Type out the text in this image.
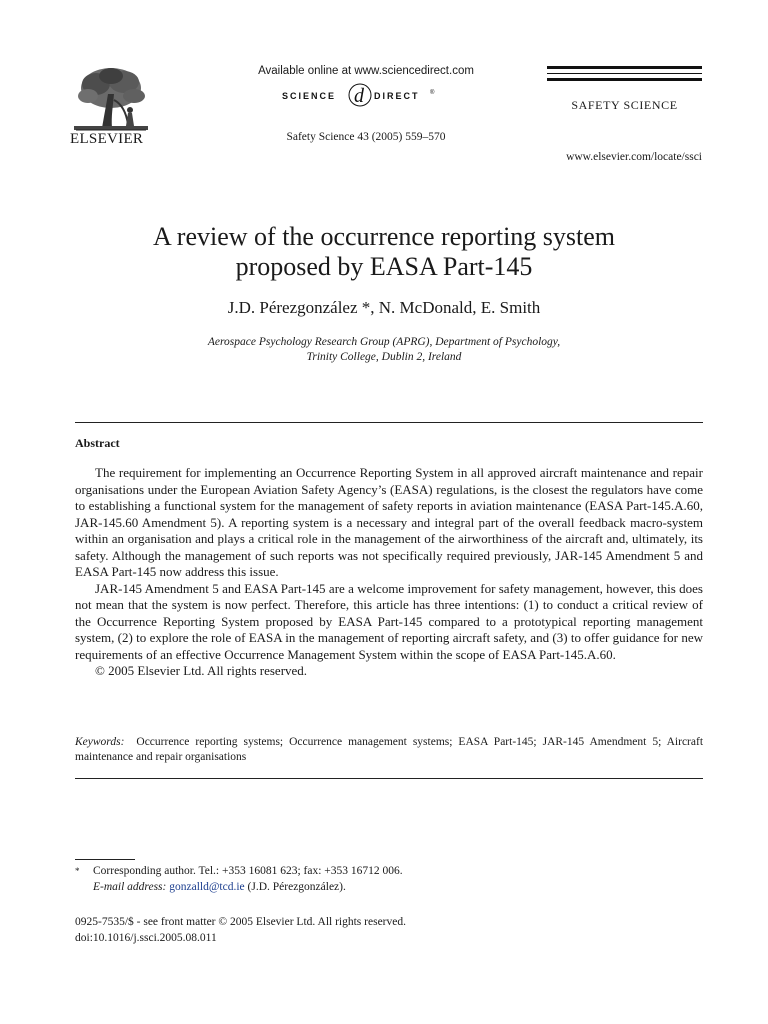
ELSEVIER
Available online at www.sciencedirect.com
SCIENCE d DIRECT ®
Safety Science 43 (2005) 559–570
SAFETY SCIENCE
www.elsevier.com/locate/ssci
A review of the occurrence reporting system
proposed by EASA Part-145
J.D. Pérezgonzález *, N. McDonald, E. Smith
Aerospace Psychology Research Group (APRG), Department of Psychology,
Trinity College, Dublin 2, Ireland
Abstract

The requirement for implementing an Occurrence Reporting System in all approved aircraft maintenance and repair organisations under the European Aviation Safety Agency’s (EASA) regulations, is the closest the regulators have come to establishing a functional system for the management of safety reports in aviation maintenance (EASA Part-145.A.60, JAR-145.60 Amendment 5). A reporting system is a necessary and integral part of the overall feedback macro-system within an organisation and plays a critical role in the management of the airworthiness of the aircraft and, ultimately, its safety. Although the management of such reports was not specifically required previously, JAR-145 Amendment 5 and EASA Part-145 now address this issue.

JAR-145 Amendment 5 and EASA Part-145 are a welcome improvement for safety management, however, this does not mean that the system is now perfect. Therefore, this article has three intentions: (1) to conduct a critical review of the Occurrence Reporting System proposed by EASA Part-145 compared to a prototypical reporting management system, (2) to explore the role of EASA in the management of reporting aircraft safety, and (3) to offer guidance for new requirements of an effective Occurrence Management System within the scope of EASA Part-145.A.60.

© 2005 Elsevier Ltd. All rights reserved.

Keywords: Occurrence reporting systems; Occurrence management systems; EASA Part-145; JAR-145 Amendment 5; Aircraft maintenance and repair organisations
* Corresponding author. Tel.: +353 16081 623; fax: +353 16712 006.
E-mail address: gonzalld@tcd.ie (J.D. Pérezgonzález).
0925-7535/$ - see front matter © 2005 Elsevier Ltd. All rights reserved.
doi:10.1016/j.ssci.2005.08.011
